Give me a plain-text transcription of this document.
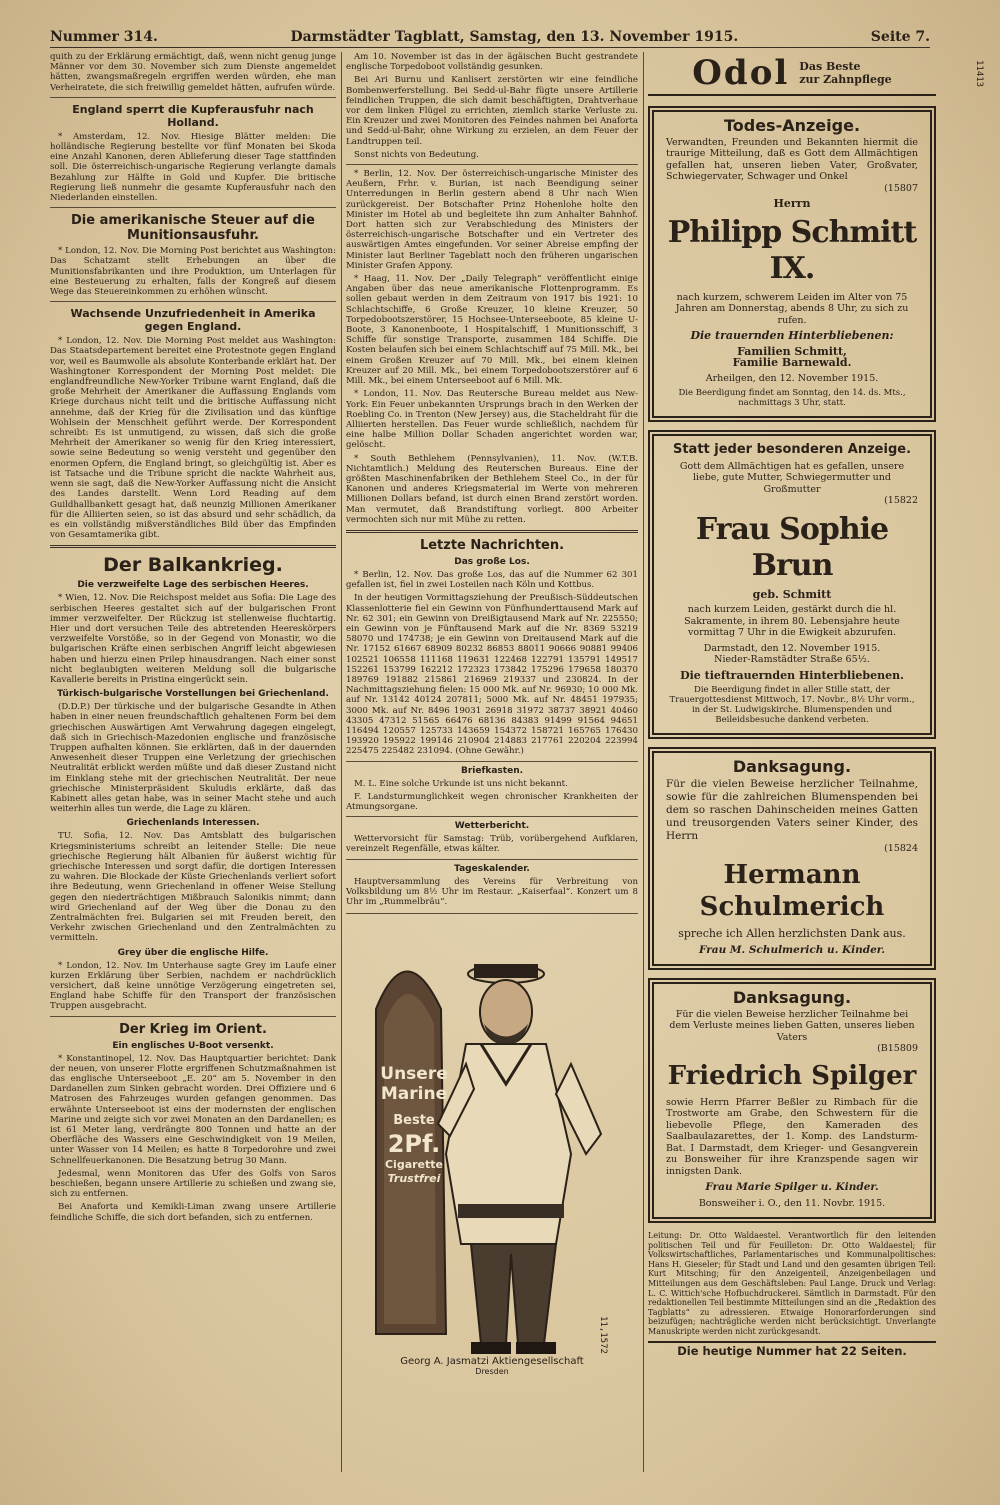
Nummer 314.	Darmstädter Tagblatt, Samstag, den 13. November 1915.	Seite 7.
11413

quith zu der Erklärung ermächtigt, daß, wenn nicht genug junge Männer vor dem 30. November sich zum Dienste angemeldet hätten, zwangsmaßregeln ergriffen werden würden, ehe man Verheiratete, die sich freiwillig gemeldet hätten, aufrufen würde.

England sperrt die Kupferausfuhr nach Holland.

* Amsterdam, 12. Nov. Hiesige Blätter melden: Die holländische Regierung bestellte vor fünf Monaten bei Skoda eine Anzahl Kanonen, deren Ablieferung dieser Tage stattfinden soll. Die österreichisch-ungarische Regierung verlangte damals Bezahlung zur Hälfte in Gold und Kupfer. Die britische Regierung ließ nunmehr die gesamte Kupferausfuhr nach den Niederlanden einstellen.

Die amerikanische Steuer auf die Munitionsausfuhr.

* London, 12. Nov. Die Morning Post berichtet aus Washington: Das Schatzamt stellt Erhebungen an über die Munitionsfabrikanten und ihre Produktion, um Unterlagen für eine Besteuerung zu erhalten, falls der Kongreß auf diesem Wege das Steuereinkommen zu erhöhen wünscht.

Wachsende Unzufriedenheit in Amerika gegen England.

* London, 12. Nov. Die Morning Post meldet aus Washington: Das Staatsdepartement bereitet eine Protestnote gegen England vor, weil es Baumwolle als absolute Konterbande erklärt hat. Der Washingtoner Korrespondent der Morning Post meldet: Die englandfreundliche New-Yorker Tribune warnt England, daß die große Mehrheit der Amerikaner die Auffassung Englands vom Kriege durchaus nicht teilt und die britische Auffassung nicht annehme, daß der Krieg für die Zivilisation und das künftige Wohlsein der Menschheit geführt werde. Der Korrespondent schreibt: Es ist unmutigend, zu wissen, daß sich die große Mehrheit der Amerikaner so wenig für den Krieg interessiert, sowie seine Bedeutung so wenig versteht und gegenüber den enormen Opfern, die England bringt, so gleichgültig ist. Aber es ist Tatsache und die Tribune spricht die nackte Wahrheit aus, wenn sie sagt, daß die New-Yorker Auffassung nicht die Ansicht des Landes darstellt. Wenn Lord Reading auf dem Guildhallbankett gesagt hat, daß neunzig Millionen Amerikaner für die Alliierten seien, so ist das absurd und sehr schädlich, da es ein vollständig mißverständliches Bild über das Empfinden von Gesamtamerika gibt.

Der Balkankrieg.
Die verzweifelte Lage des serbischen Heeres.

* Wien, 12. Nov. Die Reichspost meldet aus Sofia: Die Lage des serbischen Heeres gestaltet sich auf der bulgarischen Front immer verzweifelter. Der Rückzug ist stellenweise fluchtartig. Hier und dort versuchen Teile des abtretenden Heereskörpers verzweifelte Vorstöße, so in der Gegend von Monastir, wo die bulgarischen Kräfte einen serbischen Angriff leicht abgewiesen haben und hierzu einen Prilep hinausdrangen. Nach einer sonst nicht beglaubigten weiteren Meldung soll die bulgarische Kavallerie bereits in Pristina eingerückt sein.

Türkisch-bulgarische Vorstellungen bei Griechenland.

(D.D.P.) Der türkische und der bulgarische Gesandte in Athen haben in einer neuen freundschaftlich gehaltenen Form bei dem griechischen Auswärtigen Amt Verwahrung dagegen eingelegt, daß sich in Griechisch-Mazedonien englische und französische Truppen aufhalten können. Sie erklärten, daß in der dauernden Anwesenheit dieser Truppen eine Verletzung der griechischen Neutralität erblickt werden müßte und daß dieser Zustand nicht im Einklang stehe mit der griechischen Neutralität. Der neue griechische Ministerpräsident Skuludis erklärte, daß das Kabinett alles getan habe, was in seiner Macht stehe und auch weiterhin alles tun werde, die Lage zu klären.

Griechenlands Interessen.

TU. Sofia, 12. Nov. Das Amtsblatt des bulgarischen Kriegsministeriums schreibt an leitender Stelle: Die neue griechische Regierung hält Albanien für äußerst wichtig für griechische Interessen und sorgt dafür, die dortigen Interessen zu wahren. Die Blockade der Küste Griechenlands verliert sofort ihre Bedeutung, wenn Griechenland in offener Weise Stellung gegen den niederträchtigen Mißbrauch Salonikis nimmt; dann wird Griechenland auf der Weg über die Donau zu den Zentralmächten frei. Bulgarien sei mit Freuden bereit, den Verkehr zwischen Griechenland und den Zentralmächten zu vermitteln.

Grey über die englische Hilfe.

* London, 12. Nov. Im Unterhause sagte Grey im Laufe einer kurzen Erklärung über Serbien, nachdem er nachdrücklich versichert, daß keine unnötige Verzögerung eingetreten sei, England habe Schiffe für den Transport der französischen Truppen ausgebracht.

Der Krieg im Orient.
Ein englisches U-Boot versenkt.

* Konstantinopel, 12. Nov. Das Hauptquartier berichtet: Dank der neuen, von unserer Flotte ergriffenen Schutzmaßnahmen ist das englische Unterseeboot „E. 20“ am 5. November in den Dardanellen zum Sinken gebracht worden. Drei Offiziere und 6 Matrosen des Fahrzeuges wurden gefangen genommen. Das erwähnte Unterseeboot ist eins der modernsten der englischen Marine und zeigte sich vor zwei Monaten an den Dardanellen; es ist 61 Meter lang, verdrängte 800 Tonnen und hatte an der Oberfläche des Wassers eine Geschwindigkeit von 19 Meilen, unter Wasser von 14 Meilen; es hatte 8 Torpedorohre und zwei Schnellfeuerkanonen. Die Besatzung betrug 30 Mann.

Jedesmal, wenn Monitoren das Ufer des Golfs von Saros beschießen, begann unsere Artillerie zu schießen und zwang sie, sich zu entfernen.

Bei Anaforta und Kemikli-Liman zwang unsere Artillerie feindliche Schiffe, die sich dort befanden, sich zu entfernen.

Am 10. November ist das in der ägäischen Bucht gestrandete englische Torpedoboot vollständig gesunken.

Bei Ari Burnu und Kanlisert zerstörten wir eine feindliche Bombenwerferstellung. Bei Sedd-ul-Bahr fügte unsere Artillerie feindlichen Truppen, die sich damit beschäftigten, Drahtverhaue vor dem linken Flügel zu errichten, ziemlich starke Verluste zu. Ein Kreuzer und zwei Monitoren des Feindes nahmen bei Anaforta und Sedd-ul-Bahr, ohne Wirkung zu erzielen, an dem Feuer der Landtruppen teil.

Sonst nichts von Bedeutung.

* Berlin, 12. Nov. Der österreichisch-ungarische Minister des Aeußern, Frhr. v. Burian, ist nach Beendigung seiner Unterredungen in Berlin gestern abend 8 Uhr nach Wien zurückgereist. Der Botschafter Prinz Hohenlohe holte den Minister im Hotel ab und begleitete ihn zum Anhalter Bahnhof. Dort hatten sich zur Verabschiedung des Ministers der österreichisch-ungarische Botschafter und ein Vertreter des auswärtigen Amtes eingefunden. Vor seiner Abreise empfing der Minister laut Berliner Tageblatt noch den früheren ungarischen Minister Grafen Appony.

* Haag, 11. Nov. Der „Daily Telegraph“ veröffentlicht einige Angaben über das neue amerikanische Flottenprogramm. Es sollen gebaut werden in dem Zeitraum von 1917 bis 1921: 10 Schlachtschiffe, 6 Große Kreuzer, 10 kleine Kreuzer, 50 Torpedobootszerstörer, 15 Hochsee-Unterseeboote, 85 kleine U-Boote, 3 Kanonenboote, 1 Hospitalschiff, 1 Munitionsschiff, 3 Schiffe für sonstige Transporte, zusammen 184 Schiffe. Die Kosten belaufen sich bei einem Schlachtschiff auf 75 Mill. Mk., bei einem Großen Kreuzer auf 70 Mill. Mk., bei einem kleinen Kreuzer auf 20 Mill. Mk., bei einem Torpedobootszerstörer auf 6 Mill. Mk., bei einem Unterseeboot auf 6 Mill. Mk.

* London, 11. Nov. Das Reutersche Bureau meldet aus New-York: Ein Feuer unbekannten Ursprungs brach in den Werken der Roebling Co. in Trenton (New Jersey) aus, die Stacheldraht für die Alliierten herstellen. Das Feuer wurde schließlich, nachdem für eine halbe Million Dollar Schaden angerichtet worden war, gelöscht.

* South Bethlehem (Pennsylvanien), 11. Nov. (W.T.B. Nichtamtlich.) Meldung des Reuterschen Bureaus. Eine der größten Maschinenfabriken der Bethlehem Steel Co., in der für Kanonen und anderes Kriegsmaterial im Werte von mehreren Millionen Dollars befand, ist durch einen Brand zerstört worden. Man vermutet, daß Brandstiftung vorliegt. 800 Arbeiter vermochten sich nur mit Mühe zu retten.

Letzte Nachrichten.
Das große Los.

* Berlin, 12. Nov. Das große Los, das auf die Nummer 62 301 gefallen ist, fiel in zwei Losteilen nach Köln und Kottbus.

In der heutigen Vormittagsziehung der Preußisch-Süddeutschen Klassenlotterie fiel ein Gewinn von Fünfhunderttausend Mark auf Nr. 62 301; ein Gewinn von Dreißigtausend Mark auf Nr. 225550; ein Gewinn von je Fünftausend Mark auf die Nr. 8369 53219 58070 und 174738; je ein Gewinn von Dreitausend Mark auf die Nr. 17152 61667 68909 80232 86853 88011 90666 90881 99406 102521 106558 111168 119631 122468 122791 135791 149517 152261 153799 162212 172323 173842 175296 179658 180370 189769 191882 215861 216969 219337 und 230824. In der Nachmittagsziehung fielen: 15 000 Mk. auf Nr. 96930; 10 000 Mk. auf Nr. 13142 40124 207811; 5000 Mk. auf Nr. 48451 197935; 3000 Mk. auf Nr. 8496 19031 26918 31972 38737 38921 40460 43305 47312 51565 66476 68136 84383 91499 91564 94651 116494 120557 125733 143659 154372 158721 165765 176430 193920 195922 199146 210904 214883 217761 220204 223994 225475 225482 231094. (Ohne Gewähr.)

Briefkasten.

M. L. Eine solche Urkunde ist uns nicht bekannt.

F. Landsturmunglichkeit wegen chronischer Krankheiten der Atmungsorgane.

Wetterbericht.

Wettervorsicht für Samstag: Trüb, vorübergehend Aufklaren, vereinzelt Regenfälle, etwas kälter.

Tageskalender.

Hauptversammlung des Vereins für Verbreitung von Volksbildung um 8½ Uhr im Restaur. „Kaiserfaal“. Konzert um 8 Uhr im „Rummelbräu“.

Unsere
Marine
Beste
2Pf.
Cigarette
Trustfrei
11,1572
Georg A. Jasmatzi Aktiengesellschaft
Dresden
Odol Das Beste
zur Zahnpflege
Todes-Anzeige.
Verwandten, Freunden und Bekannten hiermit die traurige Mitteilung, daß es Gott dem Allmächtigen gefallen hat, unseren lieben Vater, Großvater, Schwiegervater, Schwager und Onkel
(15807
Herrn
Philipp Schmitt IX.
nach kurzem, schwerem Leiden im Alter von 75 Jahren am Donnerstag, abends 8 Uhr, zu sich zu rufen.
Die trauernden Hinterbliebenen:
Familien Schmitt,
Familie Barnewald.
Arheilgen, den 12. November 1915.
Die Beerdigung findet am Sonntag, den 14. ds. Mts., nachmittags 3 Uhr, statt.
Statt jeder besonderen Anzeige.
Gott dem Allmächtigen hat es gefallen, unsere liebe, gute Mutter, Schwiegermutter und Großmutter
(15822
Frau Sophie Brun
geb. Schmitt
nach kurzem Leiden, gestärkt durch die hl. Sakramente, in ihrem 80. Lebensjahre heute vormittag 7 Uhr in die Ewigkeit abzurufen.
Darmstadt, den 12. November 1915.
Nieder-Ramstädter Straße 65½.
Die tieftrauernden Hinterbliebenen.
Die Beerdigung findet in aller Stille statt, der Trauergottesdienst Mittwoch, 17. Novbr., 8½ Uhr vorm., in der St. Ludwigskirche. Blumenspenden und Beileidsbesuche dankend verbeten.
Danksagung.
Für die vielen Beweise herzlicher Teilnahme, sowie für die zahlreichen Blumenspenden bei dem so raschen Dahinscheiden meines Gatten und treusorgenden Vaters seiner Kinder, des Herrn
(15824
Hermann Schulmerich
spreche ich Allen herzlichsten Dank aus.
Frau M. Schulmerich u. Kinder.
Danksagung.
Für die vielen Beweise herzlicher Teilnahme bei dem Verluste meines lieben Gatten, unseres lieben Vaters
(B15809
Friedrich Spilger
sowie Herrn Pfarrer Beßler zu Rimbach für die Trostworte am Grabe, den Schwestern für die liebevolle Pflege, den Kameraden des Saalbaulazarettes, der 1. Komp. des Landsturm-Bat. I Darmstadt, dem Krieger- und Gesangverein zu Bonsweiher für ihre Kranzspende sagen wir innigsten Dank.
Frau Marie Spilger u. Kinder.
Bonsweiher i. O., den 11. Novbr. 1915.
Leitung: Dr. Otto Waldaestel. Verantwortlich für den leitenden politischen Teil und für Feuilleton: Dr. Otto Waldaestel; für Volkswirtschaftliches, Parlamentarisches und Kommunalpolitisches: Hans H. Gieseler; für Stadt und Land und den gesamten übrigen Teil: Kurt Mitsching; für den Anzeigenteil, Anzeigenbeilagen und Mitteilungen aus dem Geschäftsleben: Paul Lange. Druck und Verlag: L. C. Wittich'sche Hofbuchdruckerei. Sämtlich in Darmstadt. Für den redaktionellen Teil bestimmte Mitteilungen sind an die „Redaktion des Tagblatts“ zu adressieren. Etwaige Honorarforderungen sind beizufügen; nachträgliche werden nicht berücksichtigt. Unverlangte Manuskripte werden nicht zurückgesandt.
Die heutige Nummer hat 22 Seiten.
